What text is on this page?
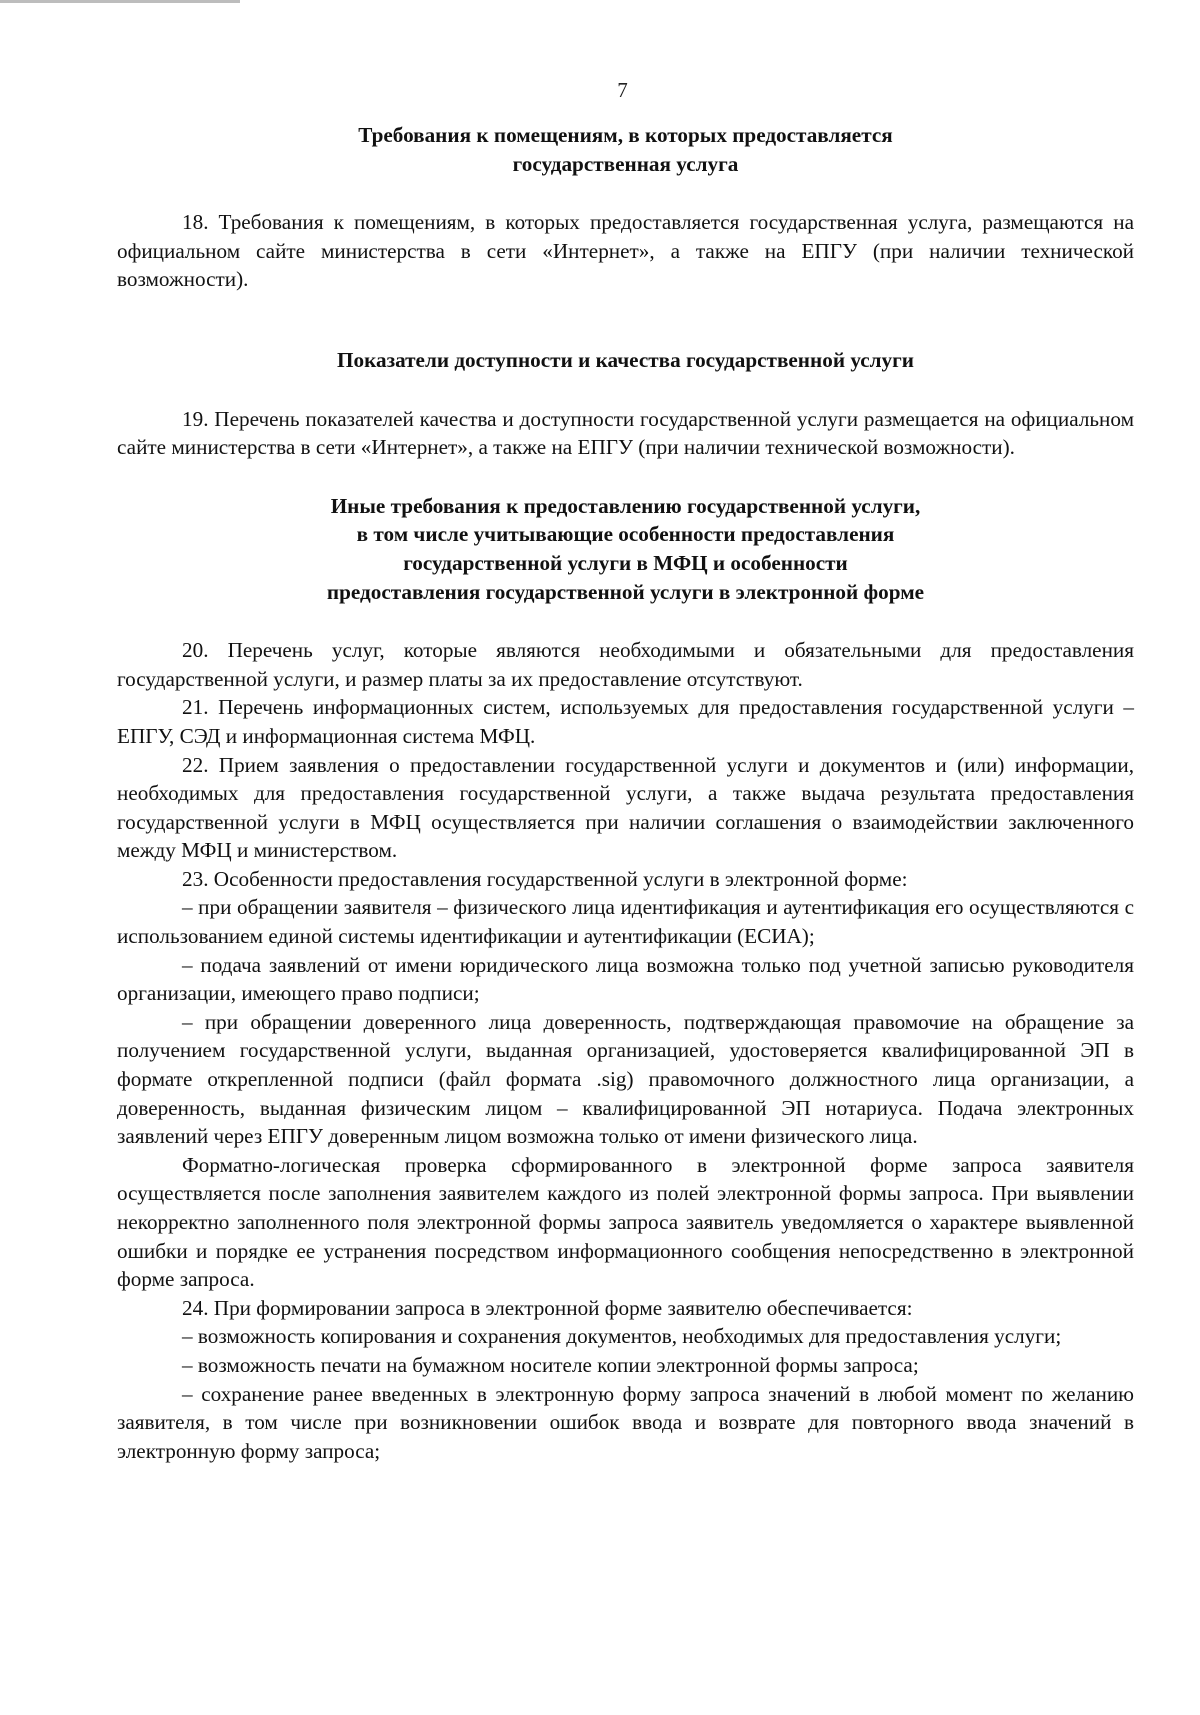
7
Требования к помещениям, в которых предоставляется
государственная услуга

18. Требования к помещениям, в которых предоставляется государственная услуга, размещаются на официальном сайте министерства в сети «Интернет», а также на ЕПГУ (при наличии технической возможности).

Показатели доступности и качества государственной услуги

19. Перечень показателей качества и доступности государственной услуги размещается на официальном сайте министерства в сети «Интернет», а также на ЕПГУ (при наличии технической возможности).

Иные требования к предоставлению государственной услуги,
в том числе учитывающие особенности предоставления
государственной услуги в МФЦ и особенности
предоставления государственной услуги в электронной форме

20. Перечень услуг, которые являются необходимыми и обязательными для предоставления государственной услуги, и размер платы за их предоставление отсутствуют.

21. Перечень информационных систем, используемых для предоставления государственной услуги – ЕПГУ, СЭД и информационная система МФЦ.

22. Прием заявления о предоставлении государственной услуги и документов и (или) информации, необходимых для предоставления государственной услуги, а также выдача результата предоставления государственной услуги в МФЦ осуществляется при наличии соглашения о взаимодействии заключенного между МФЦ и министерством.

23. Особенности предоставления государственной услуги в электронной форме:

– при обращении заявителя – физического лица идентификация и аутентификация его осуществляются с использованием единой системы идентификации и аутентификации (ЕСИА);

– подача заявлений от имени юридического лица возможна только под учетной записью руководителя организации, имеющего право подписи;

– при обращении доверенного лица доверенность, подтверждающая правомочие на обращение за получением государственной услуги, выданная организацией, удостоверяется квалифицированной ЭП в формате открепленной подписи (файл формата .sig) правомочного должностного лица организации, а доверенность, выданная физическим лицом – квалифицированной ЭП нотариуса. Подача электронных заявлений через ЕПГУ доверенным лицом возможна только от имени физического лица.

Форматно-логическая проверка сформированного в электронной форме запроса заявителя осуществляется после заполнения заявителем каждого из полей электронной формы запроса. При выявлении некорректно заполненного поля электронной формы запроса заявитель уведомляется о характере выявленной ошибки и порядке ее устранения посредством информационного сообщения непосредственно в электронной форме запроса.

24. При формировании запроса в электронной форме заявителю обеспечивается:

– возможность копирования и сохранения документов, необходимых для предоставления услуги;

– возможность печати на бумажном носителе копии электронной формы запроса;

– сохранение ранее введенных в электронную форму запроса значений в любой момент по желанию заявителя, в том числе при возникновении ошибок ввода и возврате для повторного ввода значений в электронную форму запроса;
